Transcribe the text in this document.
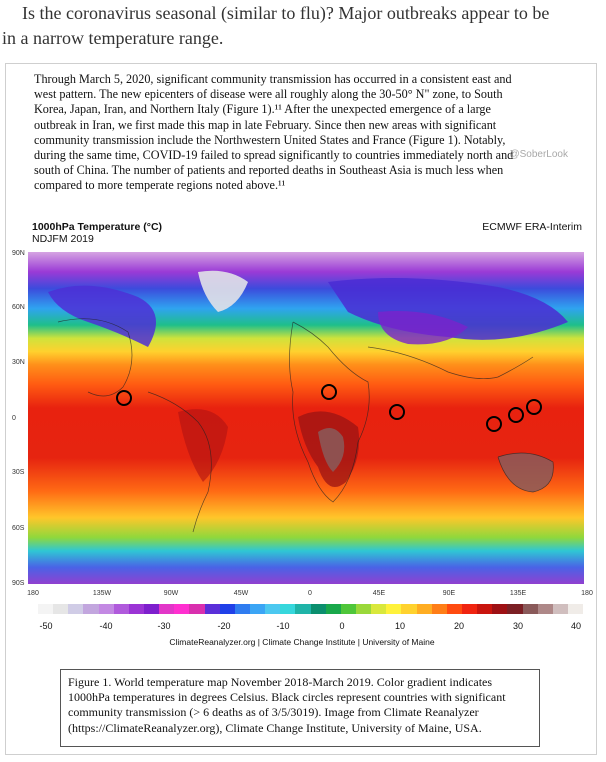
Is the coronavirus seasonal (similar to flu)? Major outbreaks appear to be
in a narrow temperature range.
Through March 5, 2020, significant community transmission has occurred in a consistent east and
west pattern. The new epicenters of disease were all roughly along the 30-50° N" zone, to South
Korea, Japan, Iran, and Northern Italy (Figure 1).¹¹ After the unexpected emergence of a large
outbreak in Iran, we first made this map in late February. Since then new areas with significant
community transmission include the Northwestern United States and France (Figure 1). Notably,
during the same time, COVID-19 failed to spread significantly to countries immediately north and
south of China. The number of patients and reported deaths in Southeast Asia is much less when
compared to more temperate regions noted above.¹¹
@SoberLook
1000hPa Temperature (°C)
NDJFM 2019
ECMWF ERA-Interim
90N
60N
30N
0
30S
60S
90S
180	135W	90W	45W	0	45E	90E	135E	180
-50	-40	-30	-20	-10	0	10	20	30	40
ClimateReanalyzer.org | Climate Change Institute | University of Maine
Figure 1. World temperature map November 2018-March 2019. Color gradient indicates
1000hPa temperatures in degrees Celsius. Black circles represent countries with significant
community transmission (> 6 deaths as of 3/5/3019). Image from Climate Reanalyzer
(https://ClimateReanalyzer.org), Climate Change Institute, University of Maine, USA.
